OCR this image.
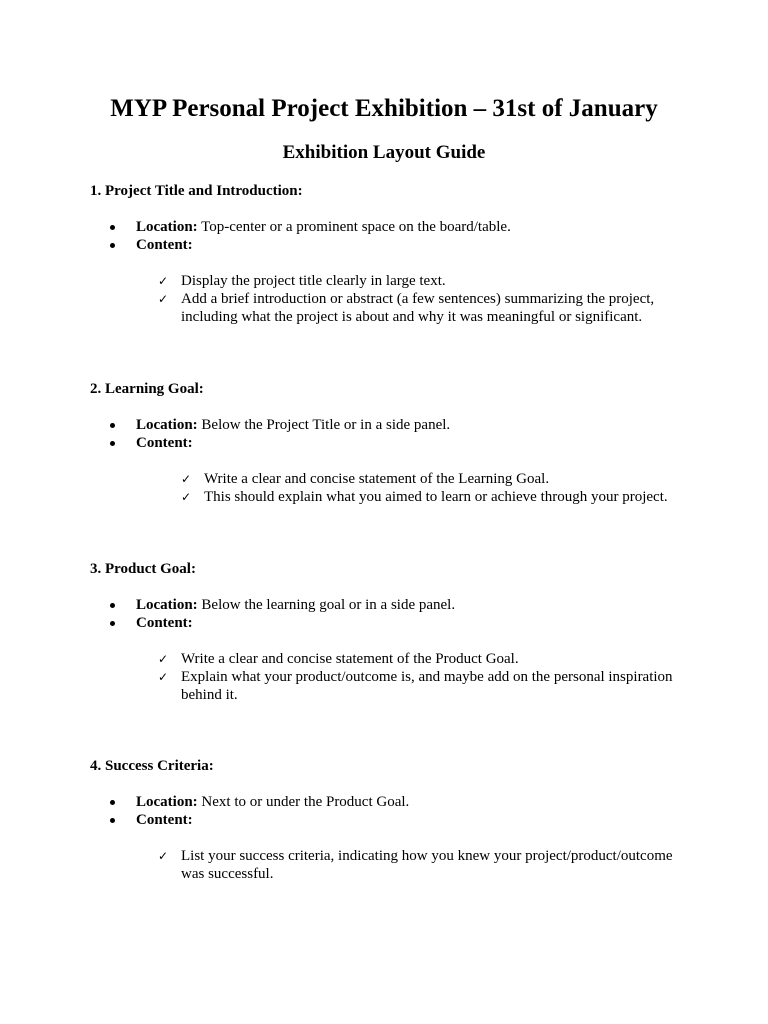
MYP Personal Project Exhibition – 31st of January
Exhibition Layout Guide
1. Project Title and Introduction:
Location: Top-center or a prominent space on the board/table.
Content:
✓ Display the project title clearly in large text.
✓ Add a brief introduction or abstract (a few sentences) summarizing the project, including what the project is about and why it was meaningful or significant.
2. Learning Goal:
Location: Below the Project Title or in a side panel.
Content:
✓ Write a clear and concise statement of the Learning Goal.
✓ This should explain what you aimed to learn or achieve through your project.
3. Product Goal:
Location: Below the learning goal or in a side panel.
Content:
✓ Write a clear and concise statement of the Product Goal.
✓ Explain what your product/outcome is, and maybe add on the personal inspiration behind it.
4. Success Criteria:
Location: Next to or under the Product Goal.
Content:
✓ List your success criteria, indicating how you knew your project/product/outcome was successful.
